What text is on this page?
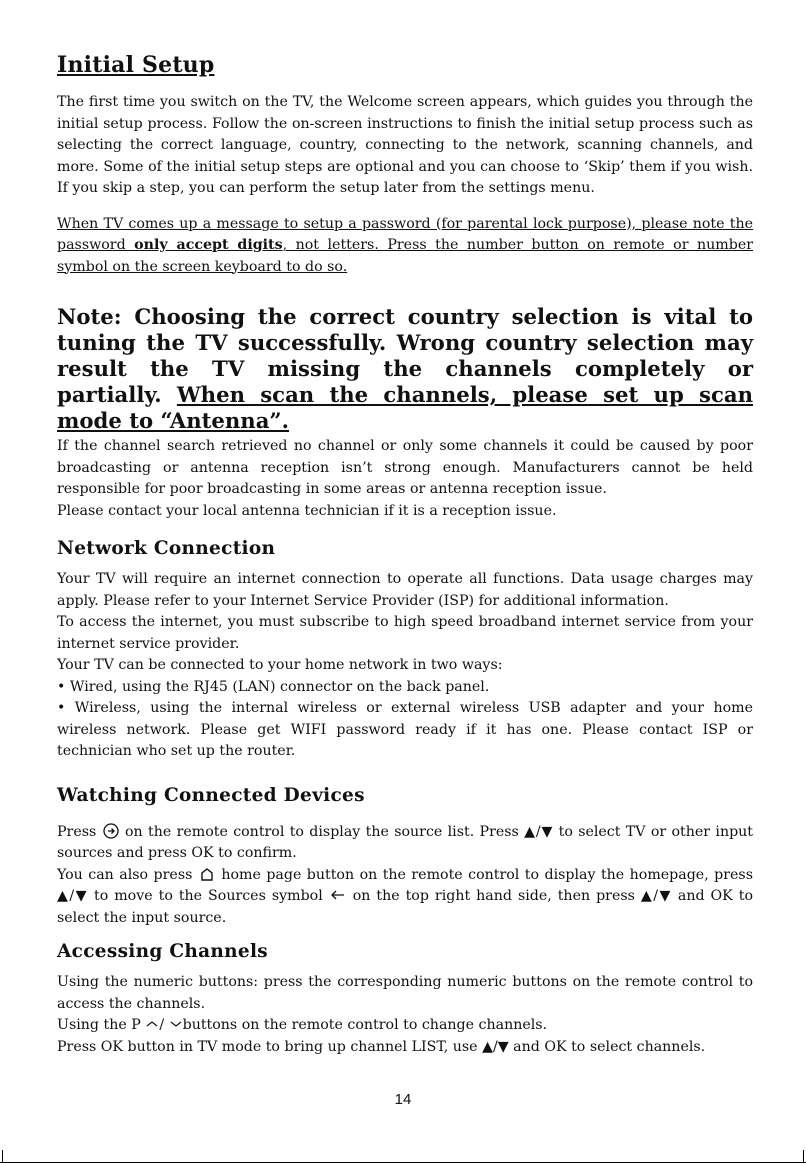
Initial Setup

The first time you switch on the TV, the Welcome screen appears, which guides you through the initial setup process. Follow the on-screen instructions to finish the initial setup process such as selecting the correct language, country, connecting to the network, scanning channels, and more. Some of the initial setup steps are optional and you can choose to ‘Skip’ them if you wish. If you skip a step, you can perform the setup later from the settings menu.

When TV comes up a message to setup a password (for parental lock purpose), please note the password only accept digits, not letters. Press the number button on remote or number symbol on the screen keyboard to do so.

Note: Choosing the correct country selection is vital to tuning the TV successfully. Wrong country selection may result the TV missing the channels completely or partially. When scan the channels, please set up scan mode to “Antenna”.

If the channel search retrieved no channel or only some channels it could be caused by poor broadcasting or antenna reception isn’t strong enough. Manufacturers cannot be held responsible for poor broadcasting in some areas or antenna reception issue.

Please contact your local antenna technician if it is a reception issue.

Network Connection

Your TV will require an internet connection to operate all functions. Data usage charges may apply. Please refer to your Internet Service Provider (ISP) for additional information.

To access the internet, you must subscribe to high speed broadband internet service from your internet service provider.

Your TV can be connected to your home network in two ways:

• Wired, using the RJ45 (LAN) connector on the back panel.

• Wireless, using the internal wireless or external wireless USB adapter and your home wireless network. Please get WIFI password ready if it has one. Please contact ISP or technician who set up the router.

Watching Connected Devices

Press
on the remote control to display the source list. Press ▲/▼ to select TV or other input sources and press OK to confirm.

You can also press
home page button on the remote control to display the homepage, press ▲/▼ to move to the Sources symbol
on the top right hand side, then press ▲/▼ and OK to select the input source.

Accessing Channels

Using the numeric buttons: press the corresponding numeric buttons on the remote control to access the channels.

Using the P
/
buttons on the remote control to change channels.

Press OK button in TV mode to bring up channel LIST, use ▲/▼ and OK to select channels.

14
